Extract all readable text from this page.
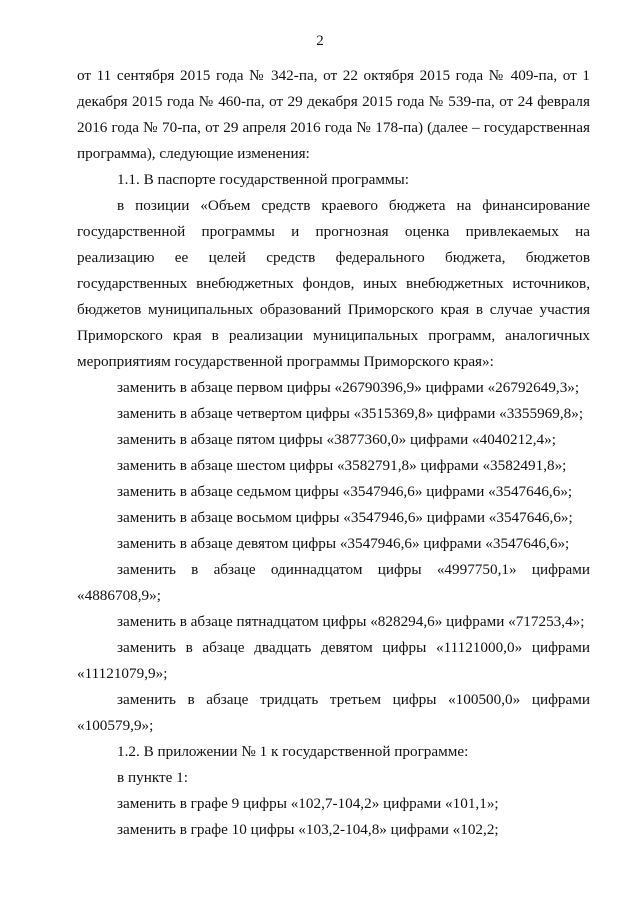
2

от 11 сентября 2015 года № 342-па, от 22 октября 2015 года № 409-па, от 1 декабря 2015 года № 460-па, от 29 декабря 2015 года № 539-па, от 24 февраля 2016 года № 70-па, от 29 апреля 2016 года № 178-па) (далее – государственная программа), следующие изменения:

1.1. В паспорте государственной программы:

в позиции «Объем средств краевого бюджета на финансирование государственной программы и прогнозная оценка привлекаемых на реализацию ее целей средств федерального бюджета, бюджетов государственных внебюджетных фондов, иных внебюджетных источников, бюджетов муниципальных образований Приморского края в случае участия Приморского края в реализации муниципальных программ, аналогичных мероприятиям государственной программы Приморского края»:

заменить в абзаце первом цифры «26790396,9» цифрами «26792649,3»;

заменить в абзаце четвертом цифры «3515369,8» цифрами «3355969,8»;

заменить в абзаце пятом цифры «3877360,0» цифрами «4040212,4»;

заменить в абзаце шестом цифры «3582791,8» цифрами «3582491,8»;

заменить в абзаце седьмом цифры «3547946,6» цифрами «3547646,6»;

заменить в абзаце восьмом цифры «3547946,6» цифрами «3547646,6»;

заменить в абзаце девятом цифры «3547946,6» цифрами «3547646,6»;

заменить в абзаце одиннадцатом цифры «4997750,1» цифрами «4886708,9»;

заменить в абзаце пятнадцатом цифры «828294,6» цифрами «717253,4»;

заменить в абзаце двадцать девятом цифры «11121000,0» цифрами «11121079,9»;

заменить в абзаце тридцать третьем цифры «100500,0» цифрами «100579,9»;

1.2. В приложении № 1 к государственной программе:

в пункте 1:

заменить в графе 9 цифры «102,7-104,2» цифрами «101,1»;

заменить в графе 10 цифры «103,2-104,8» цифрами «102,2;
